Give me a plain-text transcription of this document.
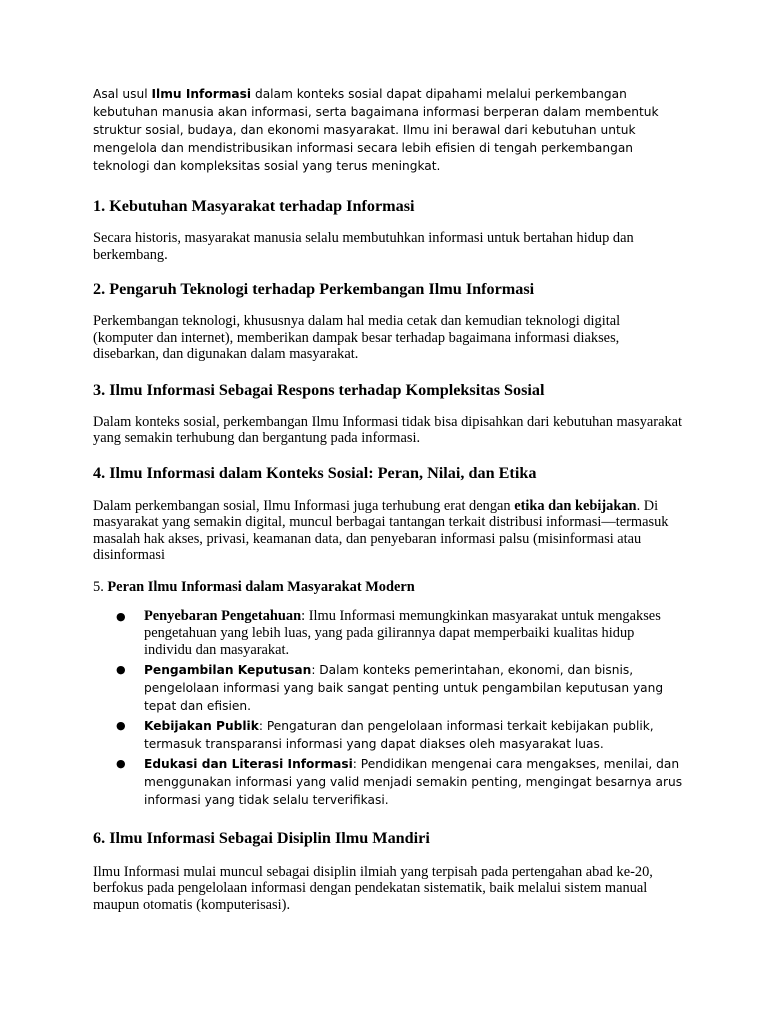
Asal usul Ilmu Informasi dalam konteks sosial dapat dipahami melalui perkembangan kebutuhan manusia akan informasi, serta bagaimana informasi berperan dalam membentuk struktur sosial, budaya, dan ekonomi masyarakat. Ilmu ini berawal dari kebutuhan untuk mengelola dan mendistribusikan informasi secara lebih efisien di tengah perkembangan teknologi dan kompleksitas sosial yang terus meningkat.

1. Kebutuhan Masyarakat terhadap Informasi

Secara historis, masyarakat manusia selalu membutuhkan informasi untuk bertahan hidup dan berkembang.

2. Pengaruh Teknologi terhadap Perkembangan Ilmu Informasi

Perkembangan teknologi, khususnya dalam hal media cetak dan kemudian teknologi digital (komputer dan internet), memberikan dampak besar terhadap bagaimana informasi diakses, disebarkan, dan digunakan dalam masyarakat.

3. Ilmu Informasi Sebagai Respons terhadap Kompleksitas Sosial

Dalam konteks sosial, perkembangan Ilmu Informasi tidak bisa dipisahkan dari kebutuhan masyarakat yang semakin terhubung dan bergantung pada informasi.

4. Ilmu Informasi dalam Konteks Sosial: Peran, Nilai, dan Etika

Dalam perkembangan sosial, Ilmu Informasi juga terhubung erat dengan etika dan kebijakan. Di masyarakat yang semakin digital, muncul berbagai tantangan terkait distribusi informasi—termasuk masalah hak akses, privasi, keamanan data, dan penyebaran informasi palsu (misinformasi atau disinformasi

5. Peran Ilmu Informasi dalam Masyarakat Modern

● Penyebaran Pengetahuan: Ilmu Informasi memungkinkan masyarakat untuk mengakses pengetahuan yang lebih luas, yang pada gilirannya dapat memperbaiki kualitas hidup individu dan masyarakat.
● Pengambilan Keputusan: Dalam konteks pemerintahan, ekonomi, dan bisnis, pengelolaan informasi yang baik sangat penting untuk pengambilan keputusan yang tepat dan efisien.
● Kebijakan Publik: Pengaturan dan pengelolaan informasi terkait kebijakan publik, termasuk transparansi informasi yang dapat diakses oleh masyarakat luas.
● Edukasi dan Literasi Informasi: Pendidikan mengenai cara mengakses, menilai, dan menggunakan informasi yang valid menjadi semakin penting, mengingat besarnya arus informasi yang tidak selalu terverifikasi.
6. Ilmu Informasi Sebagai Disiplin Ilmu Mandiri

Ilmu Informasi mulai muncul sebagai disiplin ilmiah yang terpisah pada pertengahan abad ke-20, berfokus pada pengelolaan informasi dengan pendekatan sistematik, baik melalui sistem manual maupun otomatis (komputerisasi).
